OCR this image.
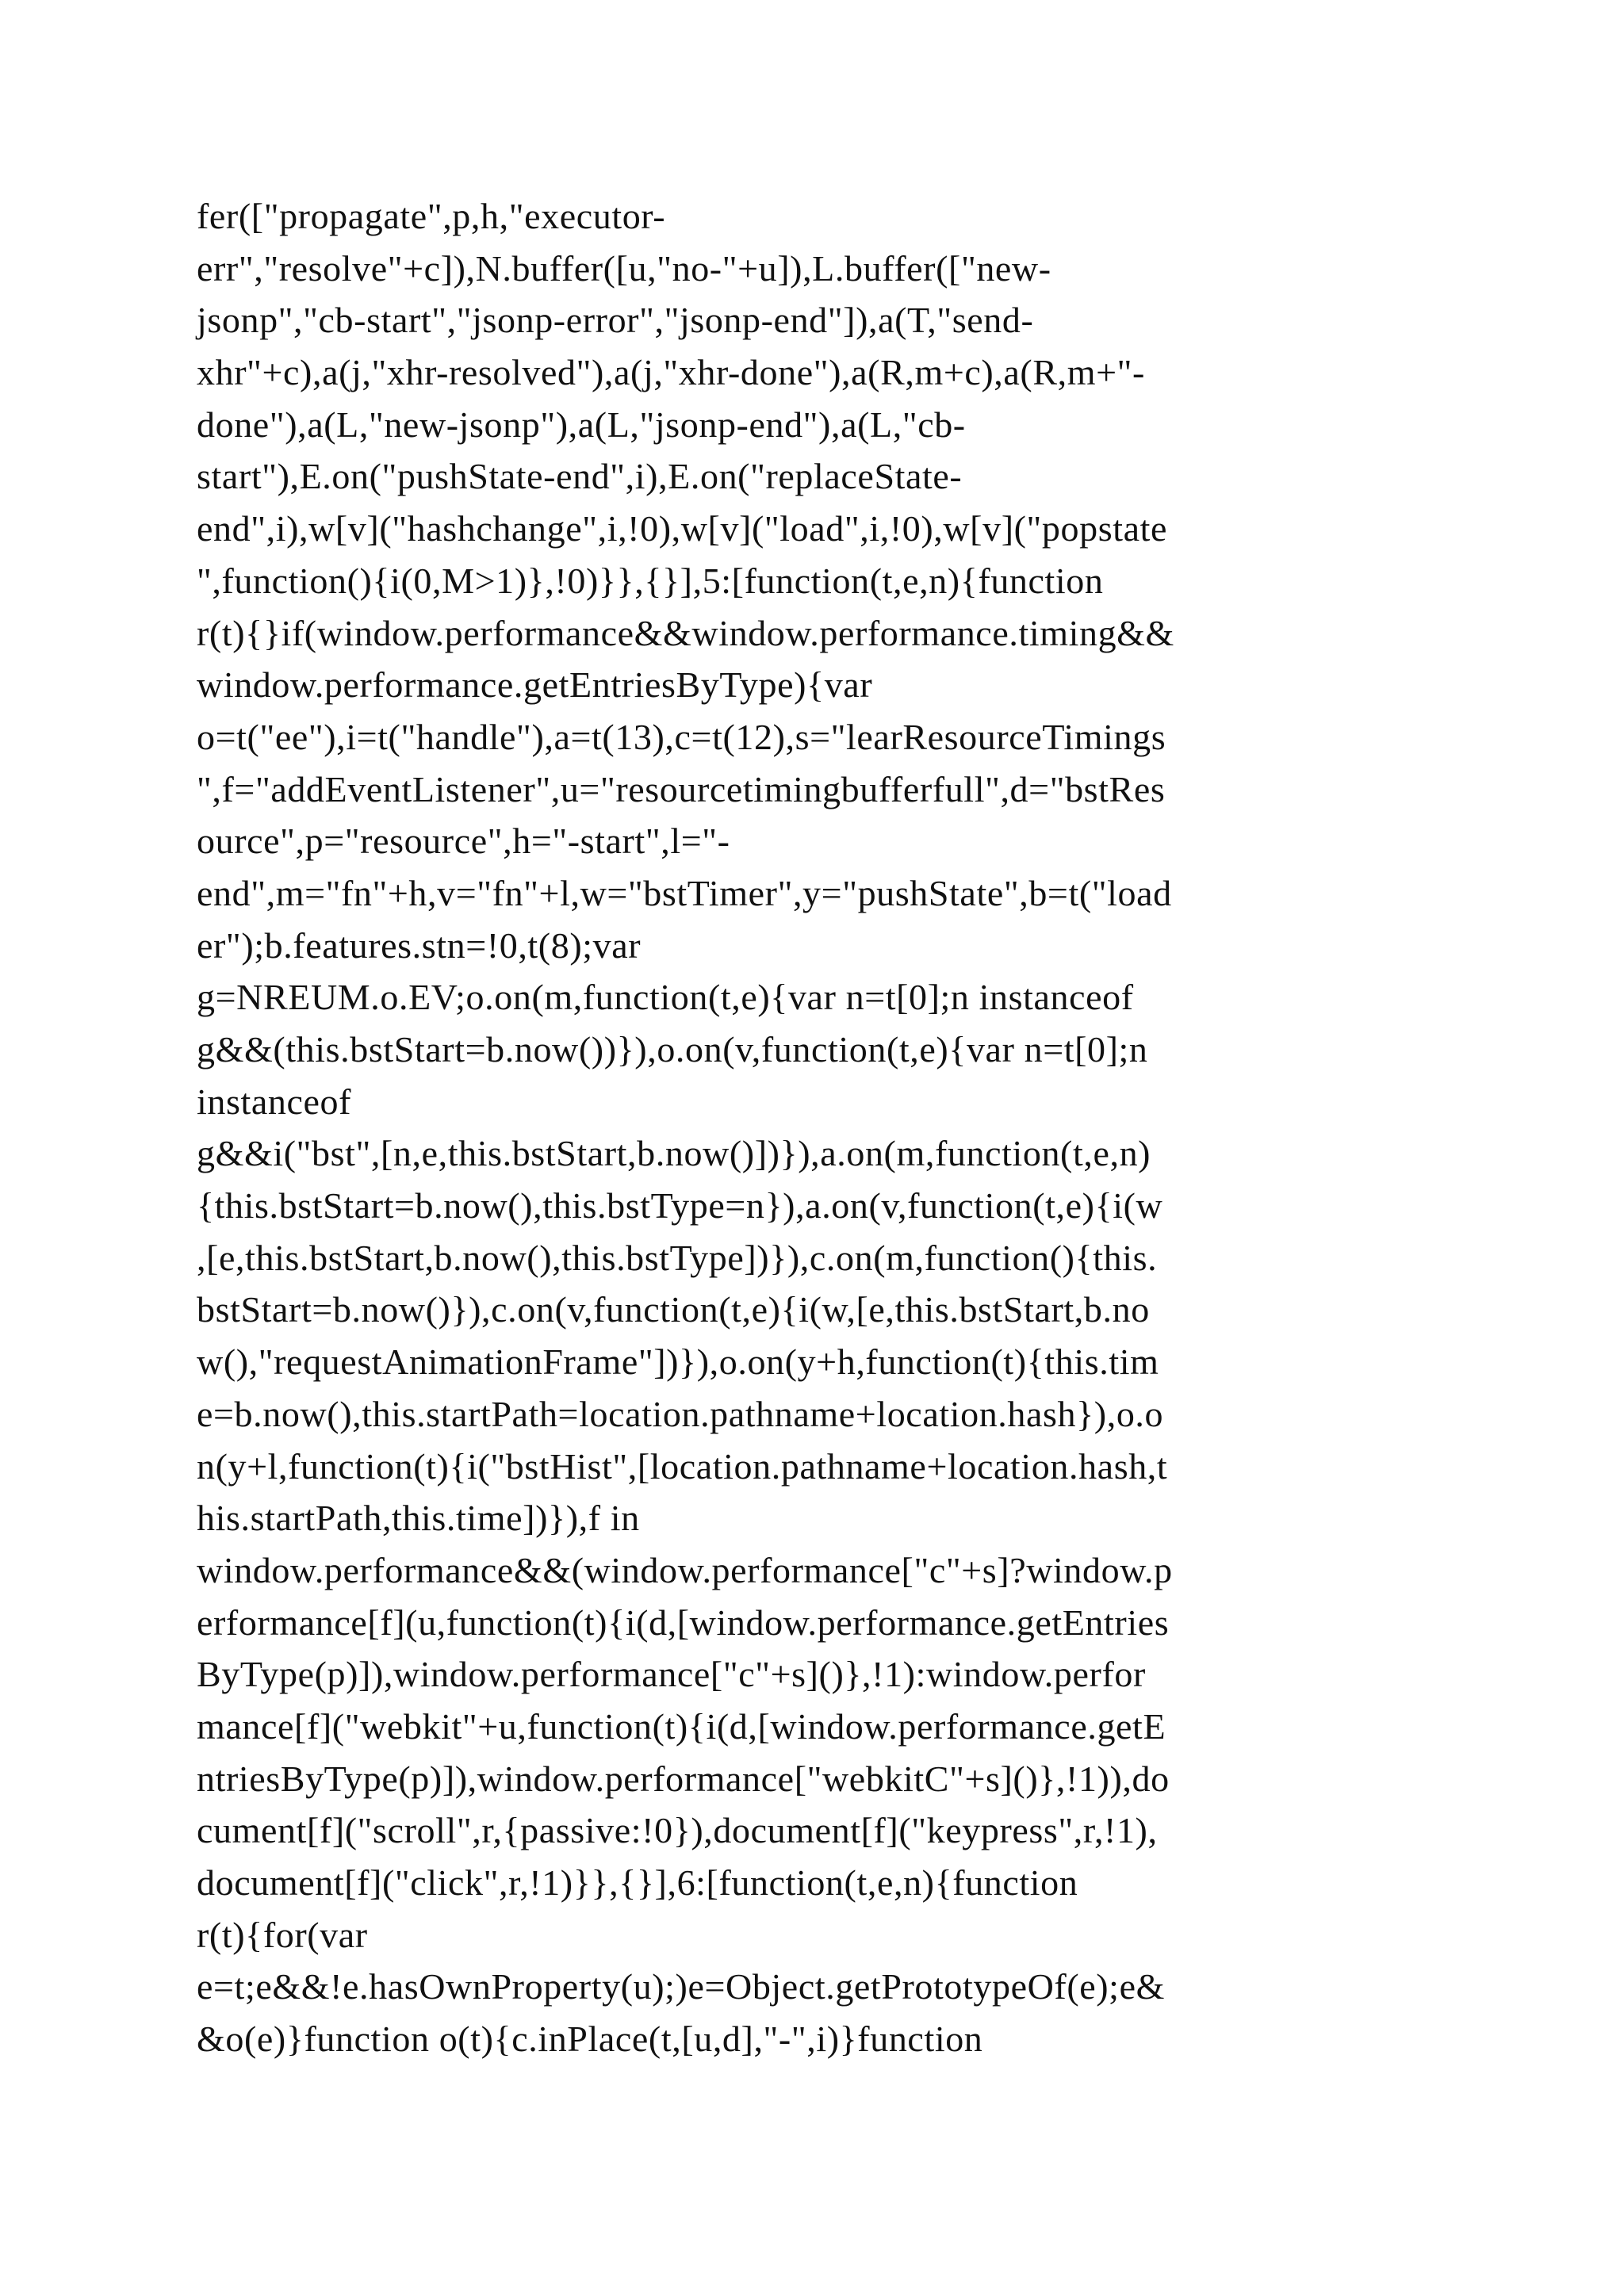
fer(["propagate",p,h,"executor-
err","resolve"+c]),N.buffer([u,"no-"+u]),L.buffer(["new-
jsonp","cb-start","jsonp-error","jsonp-end"]),a(T,"send-
xhr"+c),a(j,"xhr-resolved"),a(j,"xhr-done"),a(R,m+c),a(R,m+"-
done"),a(L,"new-jsonp"),a(L,"jsonp-end"),a(L,"cb-
start"),E.on("pushState-end",i),E.on("replaceState-
end",i),w[v]("hashchange",i,!0),w[v]("load",i,!0),w[v]("popstate
",function(){i(0,M>1)},!0)}},{}],5:[function(t,e,n){function
r(t){}if(window.performance&&window.performance.timing&&
window.performance.getEntriesByType){var
o=t("ee"),i=t("handle"),a=t(13),c=t(12),s="learResourceTimings
",f="addEventListener",u="resourcetimingbufferfull",d="bstRes
ource",p="resource",h="-start",l="-
end",m="fn"+h,v="fn"+l,w="bstTimer",y="pushState",b=t("load
er");b.features.stn=!0,t(8);var
g=NREUM.o.EV;o.on(m,function(t,e){var n=t[0];n instanceof
g&&(this.bstStart=b.now())}),o.on(v,function(t,e){var n=t[0];n
instanceof
g&&i("bst",[n,e,this.bstStart,b.now()])}),a.on(m,function(t,e,n)
{this.bstStart=b.now(),this.bstType=n}),a.on(v,function(t,e){i(w
,[e,this.bstStart,b.now(),this.bstType])}),c.on(m,function(){this.
bstStart=b.now()}),c.on(v,function(t,e){i(w,[e,this.bstStart,b.no
w(),"requestAnimationFrame"])}),o.on(y+h,function(t){this.tim
e=b.now(),this.startPath=location.pathname+location.hash}),o.o
n(y+l,function(t){i("bstHist",[location.pathname+location.hash,t
his.startPath,this.time])}),f in
window.performance&&(window.performance["c"+s]?window.p
erformance[f](u,function(t){i(d,[window.performance.getEntries
ByType(p)]),window.performance["c"+s]()},!1):window.perfor
mance[f]("webkit"+u,function(t){i(d,[window.performance.getE
ntriesByType(p)]),window.performance["webkitC"+s]()},!1)),do
cument[f]("scroll",r,{passive:!0}),document[f]("keypress",r,!1),
document[f]("click",r,!1)}},{}],6:[function(t,e,n){function
r(t){for(var
e=t;e&&!e.hasOwnProperty(u);)e=Object.getPrototypeOf(e);e&
&o(e)}function o(t){c.inPlace(t,[u,d],"-",i)}function
